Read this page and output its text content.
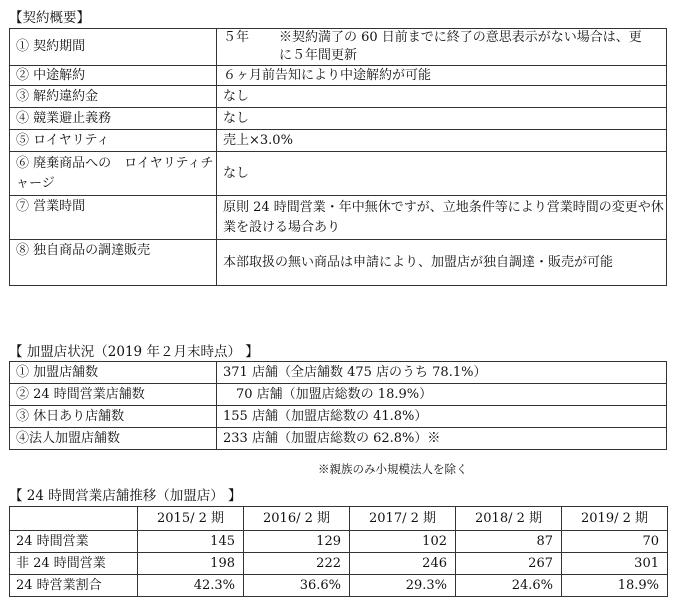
【契約概要】
① 契約期間	５年 ※契約満了の 60 日前までに終了の意思表示がない場合は、更に５年間更新

② 中途解約	６ヶ月前告知により中途解約が可能
③ 解約違約金	なし
④ 競業避止義務	なし
⑤ ロイヤリティ	売上×3.0%
⑥ 廃棄商品への　ロイヤリティチャージ	なし
⑦ 営業時間	原則 24 時間営業・年中無休ですが、立地条件等により営業時間の変更や休業を設ける場合あり
⑧ 独自商品の調達販売	本部取扱の無い商品は申請により、加盟店が独自調達・販売が可能
【 加盟店状況（2019 年２月末時点） 】
① 加盟店舗数	371 店舗（全店舗数 475 店のうち 78.1%）
② 24 時間営業店舗数	　70 店舗（加盟店総数の 18.9%）
③ 休日あり店舗数	155 店舗（加盟店総数の 41.8%）
④法人加盟店舗数	233 店舗（加盟店総数の 62.8%）※
※親族のみ小規模法人を除く
【 24 時間営業店舗推移（加盟店） 】
	2015/ 2 期	2016/ 2 期	2017/ 2 期	2018/ 2 期	2019/ 2 期
24 時間営業	145	129	102	87	70
非 24 時間営業	198	222	246	267	301
24 時営業割合	42.3%	36.6%	29.3%	24.6%	18.9%
